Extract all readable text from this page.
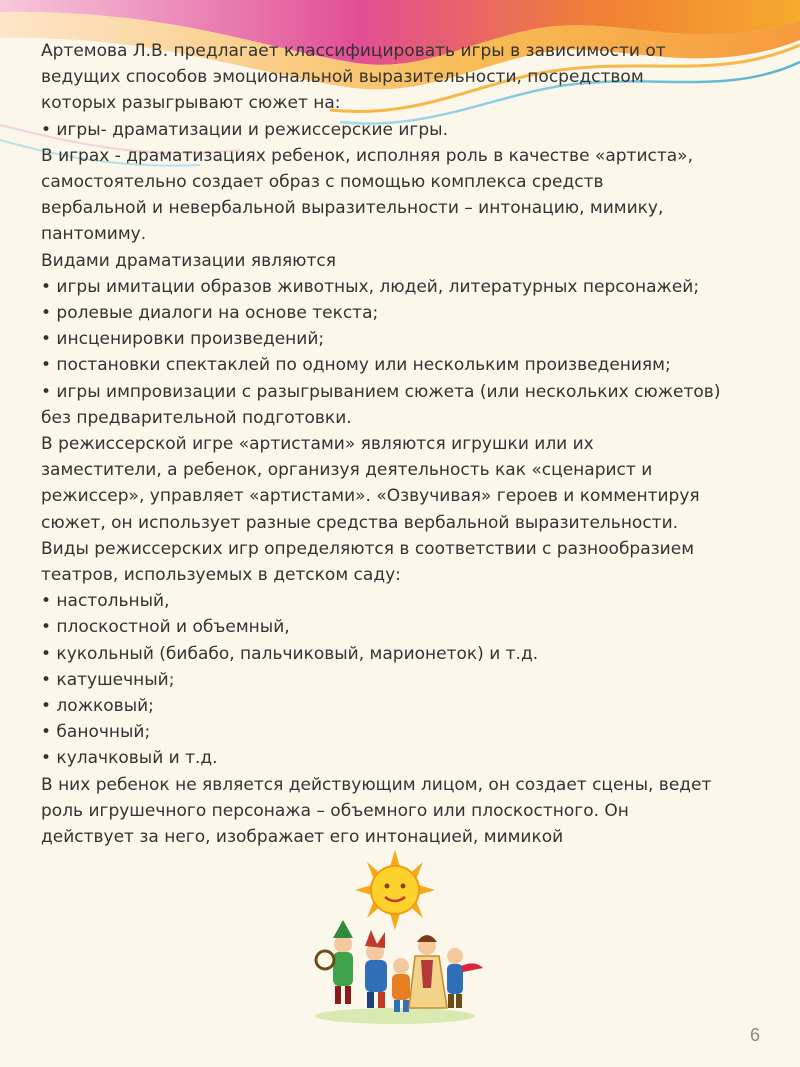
Артемова Л.В. предлагает классифицировать игры в зависимости от
ведущих способов эмоциональной выразительности, посредством
которых разыгрывают сюжет на:
• игры- драматизации и режиссерские игры.
В играх - драматизациях ребенок, исполняя роль в качестве «артиста»,
самостоятельно создает образ с помощью комплекса средств
вербальной и невербальной выразительности – интонацию, мимику,
пантомиму.
Видами драматизации являются
• игры имитации образов животных, людей, литературных персонажей;
• ролевые диалоги на основе текста;
• инсценировки произведений;
• постановки спектаклей по одному или нескольким произведениям;
• игры импровизации с разыгрыванием сюжета (или нескольких сюжетов)
без предварительной подготовки.
В режиссерской игре «артистами» являются игрушки или их
заместители, а ребенок, организуя деятельность как «сценарист и
режиссер», управляет «артистами». «Озвучивая» героев и комментируя
сюжет, он использует разные средства вербальной выразительности.
Виды режиссерских игр определяются в соответствии с разнообразием
театров, используемых в детском саду:
• настольный,
• плоскостной и объемный,
• кукольный (бибабо, пальчиковый, марионеток) и т.д.
• катушечный;
• ложковый;
• баночный;
• кулачковый и т.д.
В них ребенок не является действующим лицом, он создает сцены, ведет
роль игрушечного персонажа – объемного или плоскостного. Он
действует за него, изображает его интонацией, мимикой
6
